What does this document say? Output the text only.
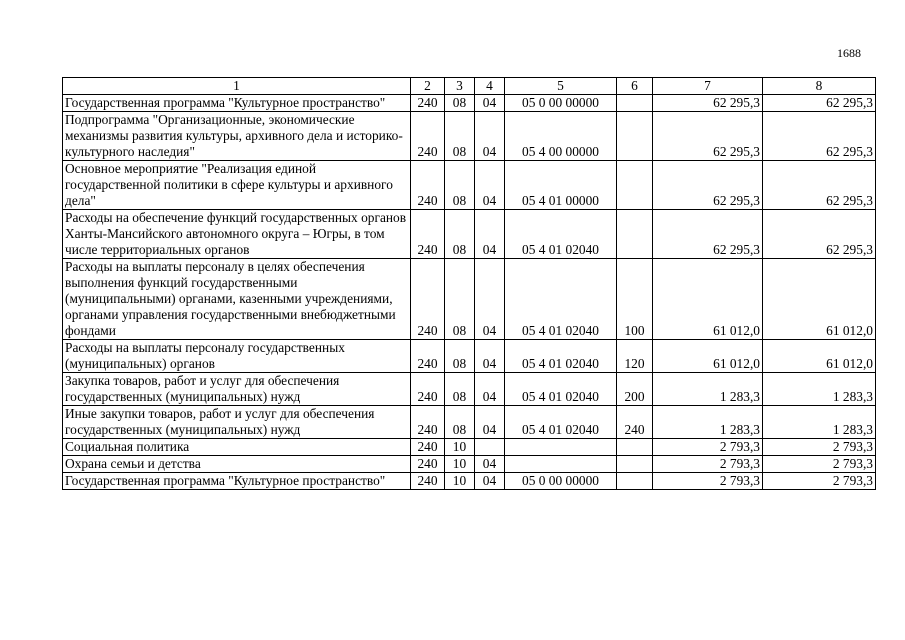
1688
1	2	3	4	5	6	7	8
Государственная программа "Культурное пространство"	240	08	04	05 0 00 00000		62 295,3	62 295,3
Подпрограмма "Организационные, экономические механизмы развития культуры, архивного дела и историко-культурного наследия"	240	08	04	05 4 00 00000		62 295,3	62 295,3
Основное мероприятие "Реализация единой государственной политики в сфере культуры и архивного дела"	240	08	04	05 4 01 00000		62 295,3	62 295,3
Расходы на обеспечение функций государственных органов Ханты-Мансийского автономного округа – Югры, в том числе территориальных органов	240	08	04	05 4 01 02040		62 295,3	62 295,3
Расходы на выплаты персоналу в целях обеспечения выполнения функций государственными (муниципальными) органами, казенными учреждениями, органами управления государственными внебюджетными фондами	240	08	04	05 4 01 02040	100	61 012,0	61 012,0
Расходы на выплаты персоналу государственных (муниципальных) органов	240	08	04	05 4 01 02040	120	61 012,0	61 012,0
Закупка товаров, работ и услуг для обеспечения государственных (муниципальных) нужд	240	08	04	05 4 01 02040	200	1 283,3	1 283,3
Иные закупки товаров, работ и услуг для обеспечения государственных (муниципальных) нужд	240	08	04	05 4 01 02040	240	1 283,3	1 283,3
Социальная политика	240	10				2 793,3	2 793,3
Охрана семьи и детства	240	10	04			2 793,3	2 793,3
Государственная программа "Культурное пространство"	240	10	04	05 0 00 00000		2 793,3	2 793,3
